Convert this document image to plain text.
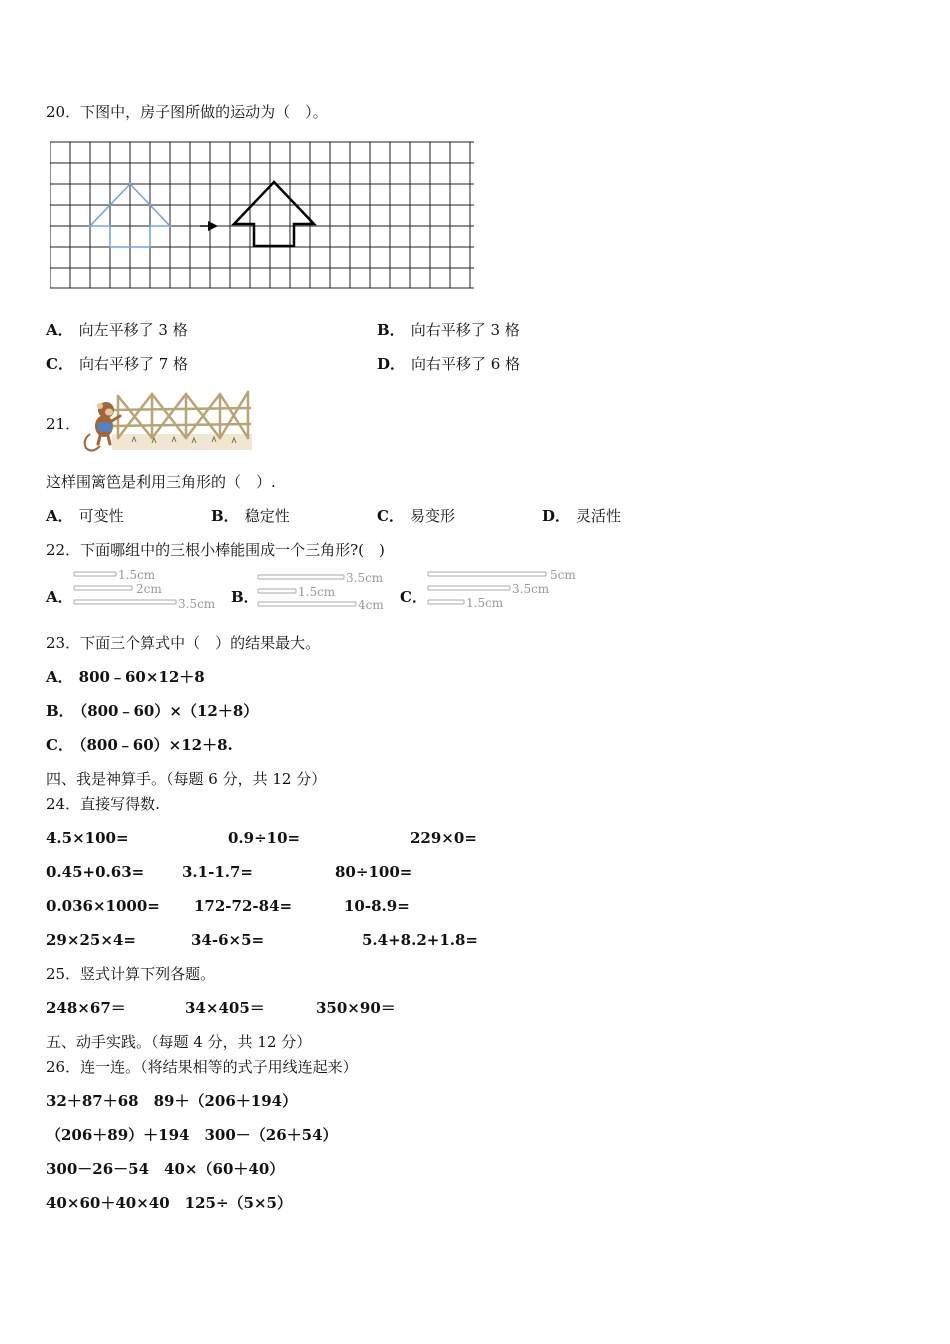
20．下图中，房子图所做的运动为（　）。
A． 向左平移了 3 格	B． 向右平移了 3 格
C． 向右平移了 7 格	D． 向右平移了 6 格
21．
这样围篱笆是利用三角形的（　）.
A． 可变性	B． 稳定性	C． 易变形	D． 灵活性
22．下面哪组中的三根小棒能围成一个三角形?(　)
A．
1.5cm
2cm
3.5cm B．
3.5cm
1.5cm
4cm C．
5cm
3.5cm
1.5cm
23．下面三个算式中（　）的结果最大。
A． 800﹣60×12＋8
B． （800﹣60）×（12＋8）
C． （800﹣60）×12＋8.
四、我是神算手。（每题 6 分，共 12 分）
24．直接写得数.
4.5×100=	0.9÷10=	229×0=
0.45+0.63=	3.1-1.7=	80÷100=
0.036×1000= 172-72-84=	10-8.9=
29×25×4=	34-6×5=	5.4+8.2+1.8=
25．竖式计算下列各题。
248×67＝	34×405＝	350×90＝
五、动手实践。（每题 4 分，共 12 分）
26．连一连。（将结果相等的式子用线连起来）
32＋87＋68　89＋（206＋194）
（206＋89）＋194　300－（26＋54）
300－26－54　40×（60＋40）
40×60＋40×40　125÷（5×5）
